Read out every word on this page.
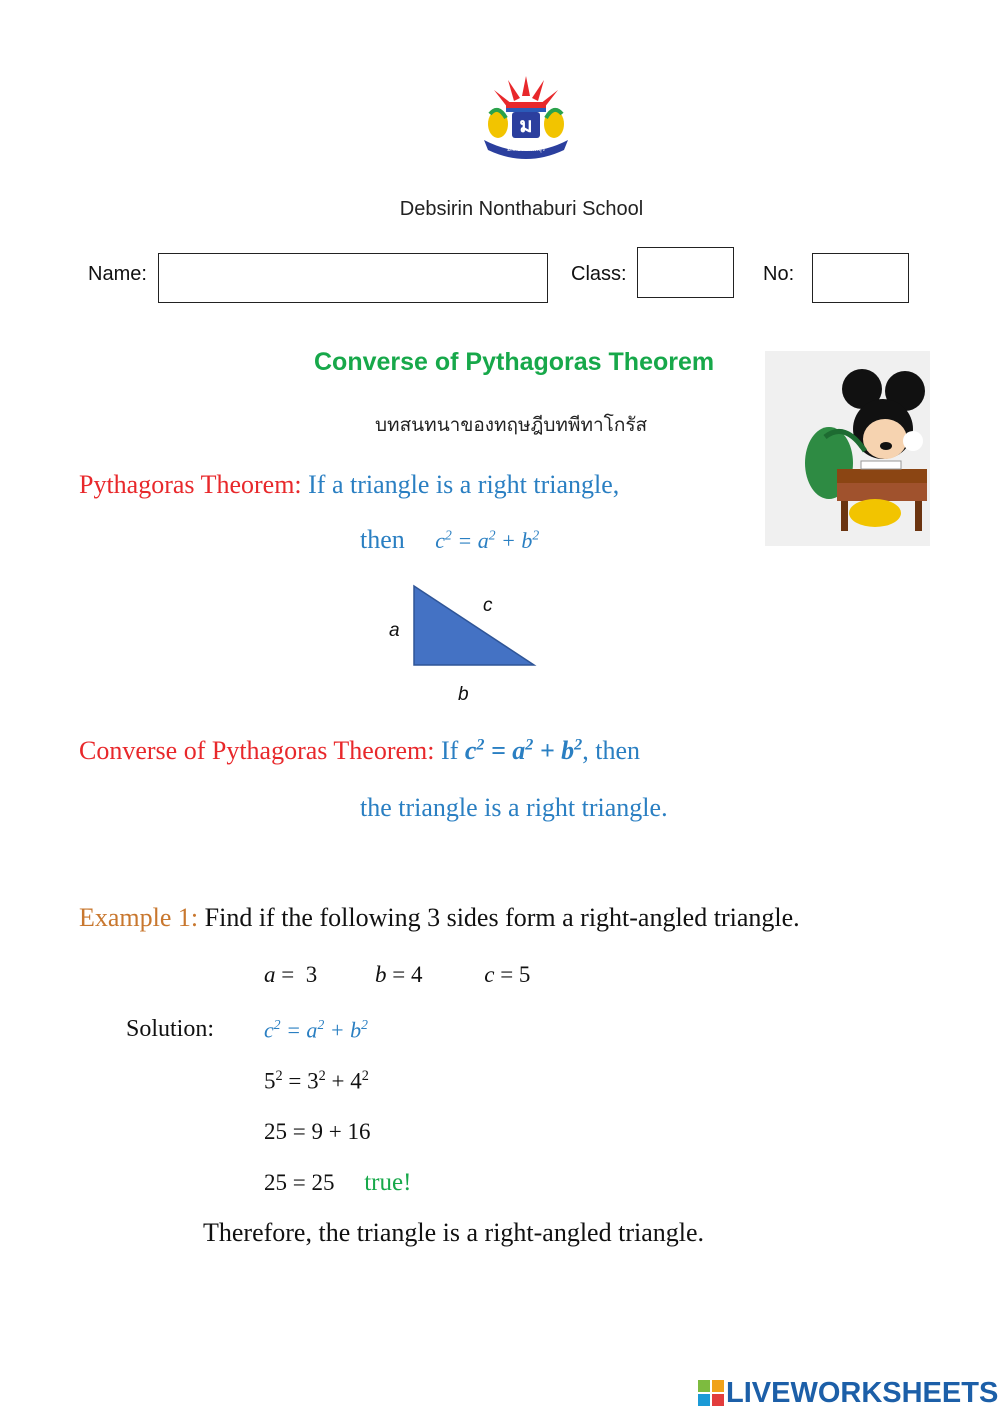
ม
ม.ดีบร นนทบุรี
Debsirin Nonthaburi School
Name:	Class:	No:
Converse of Pythagoras Theorem
บทสนทนาของทฤษฎีบทพีทาโกรัส
Pythagoras Theorem: If a triangle is a right triangle,
then $c^2 = a^2 + b^2$
a
c
b
Converse of Pythagoras Theorem: If $c^2 = a^2 + b^2$, then
the triangle is a right triangle.
Example 1: Find if the following 3 sides form a right-angled triangle.
a =  3	b = 4	c = 5
Solution: $c^2 = a^2 + b^2$
$5^2 = 3^2 + 4^2$
25 = 9 + 16
25 = 25 true!
Therefore, the triangle is a right-angled triangle.
LIVEWORKSHEETS
